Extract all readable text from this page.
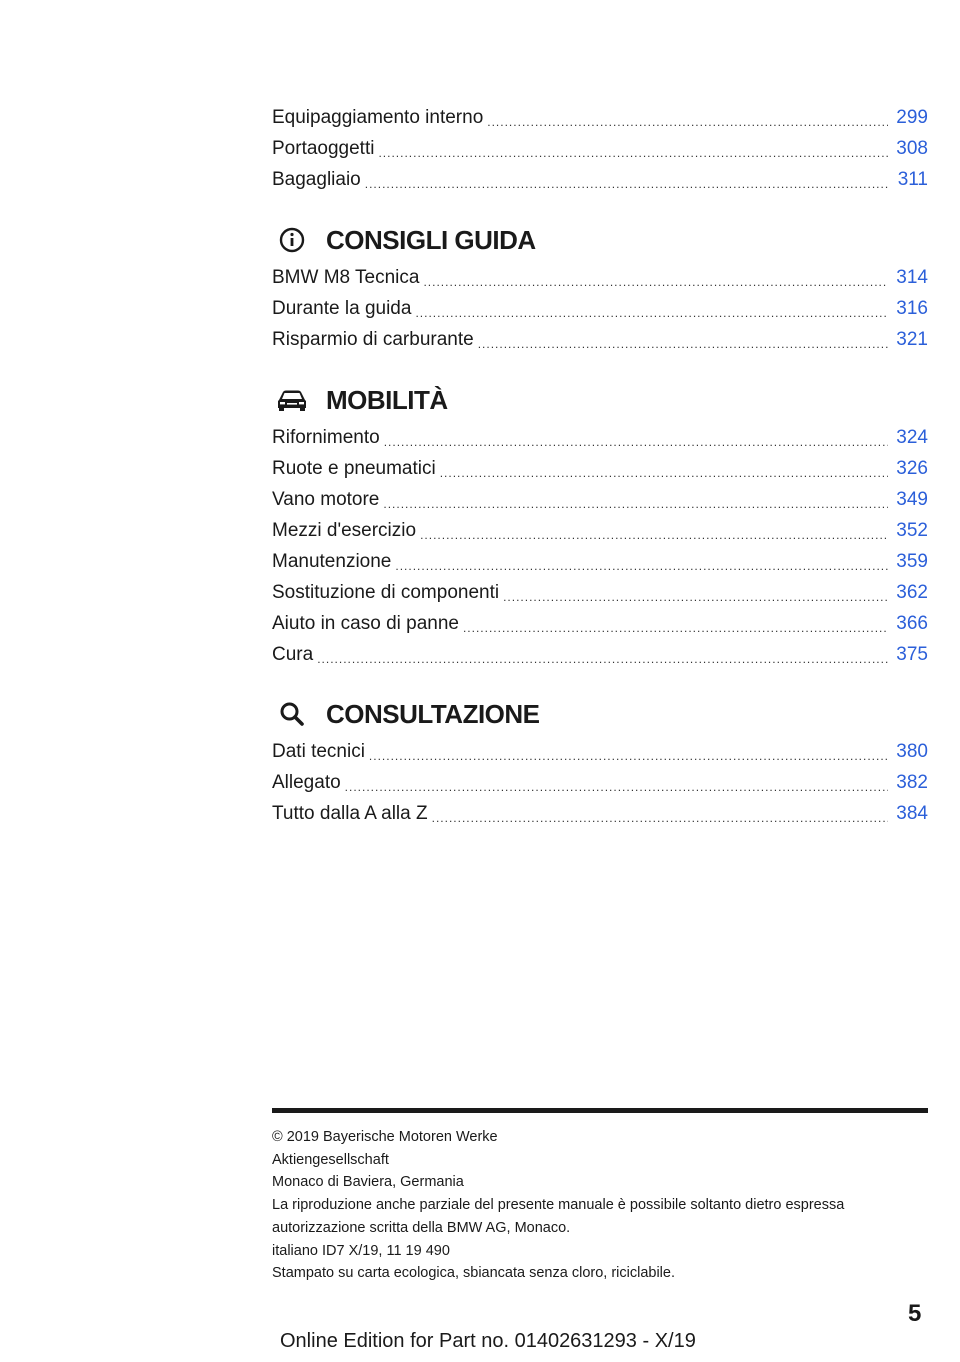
Equipaggiamento interno .....	299
Portaoggetti .....	308
Bagagliaio .....	311
CONSIGLI GUIDA
BMW M8 Tecnica .....	314
Durante la guida .....	316
Risparmio di carburante .....	321
MOBILITÀ
Rifornimento .....	324
Ruote e pneumatici .....	326
Vano motore .....	349
Mezzi d'esercizio .....	352
Manutenzione .....	359
Sostituzione di componenti .....	362
Aiuto in caso di panne .....	366
Cura .....	375
CONSULTAZIONE
Dati tecnici .....	380
Allegato .....	382
Tutto dalla A alla Z .....	384
© 2019 Bayerische Motoren Werke
Aktiengesellschaft
Monaco di Baviera, Germania
La riproduzione anche parziale del presente manuale è possibile soltanto dietro espressa
autorizzazione scritta della BMW AG, Monaco.
italiano ID7 X/19, 11 19 490
Stampato su carta ecologica, sbiancata senza cloro, riciclabile.
5
Online Edition for Part no. 01402631293 - X/19
